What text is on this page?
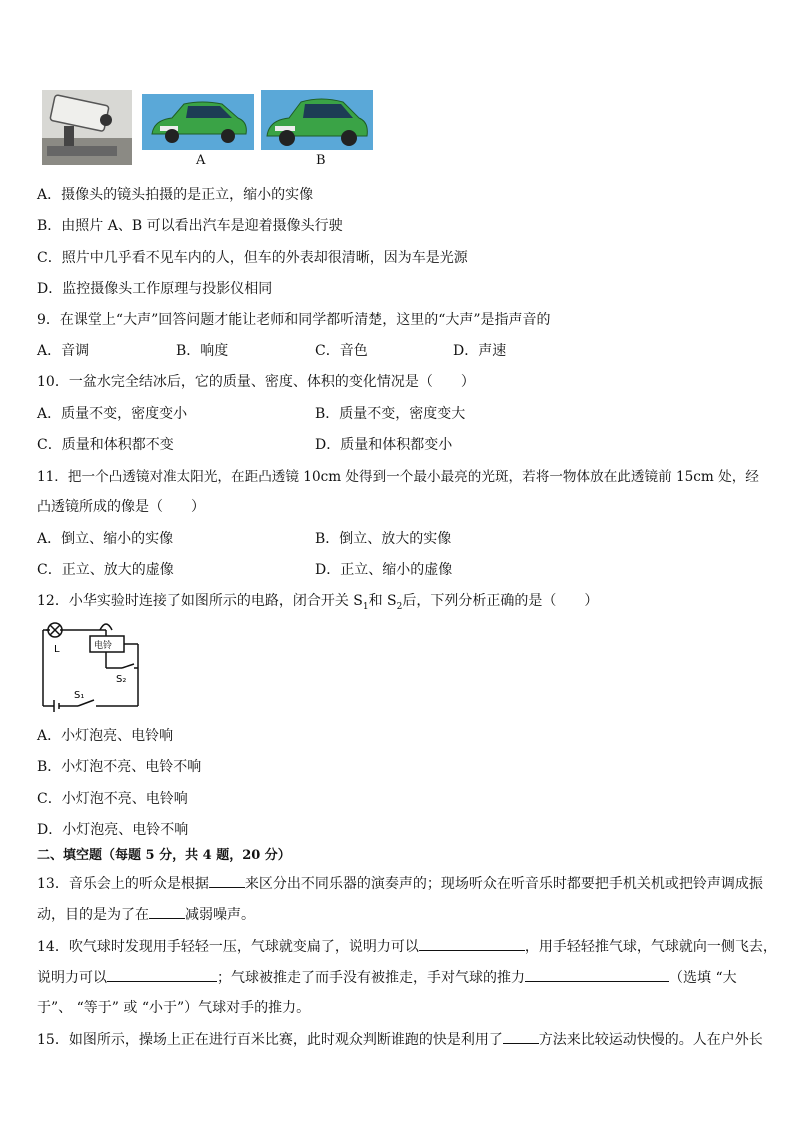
A	B
A．摄像头的镜头拍摄的是正立，缩小的实像
B．由照片 A、B 可以看出汽车是迎着摄像头行驶
C．照片中几乎看不见车内的人，但车的外表却很清晰，因为车是光源
D．监控摄像头工作原理与投影仪相同
9．在课堂上“大声”回答问题才能让老师和同学都听清楚，这里的“大声”是指声音的
A．音调	B．响度	C．音色	D．声速
10．一盆水完全结冰后，它的质量、密度、体积的变化情况是（　　）
A．质量不变，密度变小	B．质量不变，密度变大
C．质量和体积都不变	D．质量和体积都变小
11．把一个凸透镜对准太阳光，在距凸透镜 10cm 处得到一个最小最亮的光斑，若将一物体放在此透镜前 15cm 处，经
凸透镜所成的像是（　　）
A．倒立、缩小的实像	B．倒立、放大的实像
C．正立、放大的虚像	D．正立、缩小的虚像
12．小华实验时连接了如图所示的电路，闭合开关 $S_1$和 $S_2$后，下列分析正确的是（　　）
L	电铃
S₂
S₁
A．小灯泡亮、电铃响
B．小灯泡不亮、电铃不响
C．小灯泡不亮、电铃响
D．小灯泡亮、电铃不响
二、填空题（每题 5 分，共 4 题，20 分）
13．音乐会上的听众是根据	来区分出不同乐器的演奏声的；现场听众在听音乐时都要把手机关机或把铃声调成振
动，目的是为了在	减弱噪声。
14．吹气球时发现用手轻轻一压，气球就变扁了，说明力可以	，用手轻轻推气球，气球就向一侧飞去，
说明力可以	；气球被推走了而手没有被推走，手对气球的推力	（选填 “大
于”、 “等于” 或 “小于”）气球对手的推力。
15．如图所示，操场上正在进行百米比赛，此时观众判断谁跑的快是利用了	方法来比较运动快慢的。人在户外长
